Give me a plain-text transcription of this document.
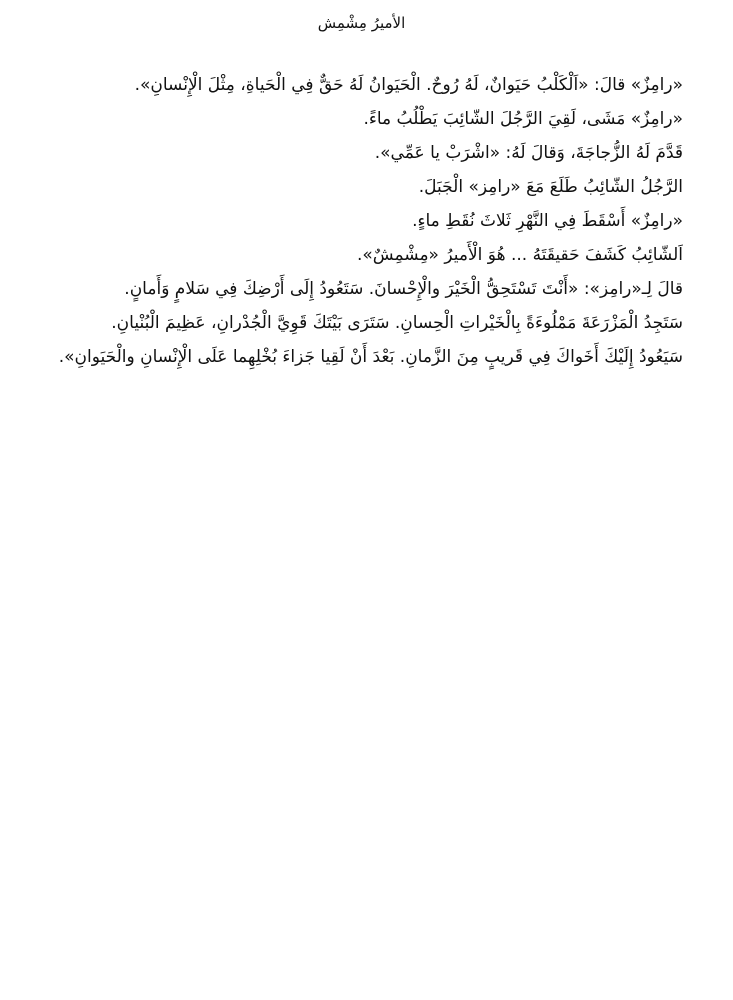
الأميرُ مِشْمِش

«رامِزٌ» قالَ: «اَلْكَلْبُ حَيَوانٌ، لَهُ رُوحٌ. الْحَيَوانُ لَهُ حَقٌّ فِي الْحَياةِ، مِثْلَ الْإِنْسانِ».

«رامِزٌ» مَشَى، لَقِيَ الرَّجُلَ الشّائِبَ يَطْلُبُ ماءً.

قَدَّمَ لَهُ الزُّجاجَةَ، وَقالَ لَهُ: «اشْرَبْ يا عَمِّي».

الرَّجُلُ الشّائِبُ طَلَعَ مَعَ «رامِز» الْجَبَلَ.

«رامِزٌ» أَسْقَطَ فِي النَّهْرِ ثَلاثَ نُقَطِ ماءٍ.

اَلشّائِبُ كَشَفَ حَقيقَتَهُ ... هُوَ الْأَميرُ «مِشْمِشٌ».

قالَ لِـ«رامِز»: «أَنْتَ تَسْتَحِقُّ الْخَيْرَ والْإِحْسانَ. سَتَعُودُ إِلَى أَرْضِكَ فِي سَلامٍ وَأَمانٍ.

سَتَجِدُ الْمَزْرَعَةَ مَمْلُوءَةً بِالْخَيْراتِ الْحِسانِ. سَتَرَى بَيْتَكَ قَوِيَّ الْجُدْرانِ، عَظِيمَ الْبُنْيانِ.

سَيَعُودُ إِلَيْكَ أَخَواكَ فِي قَريبٍ مِنَ الزَّمانِ. بَعْدَ أَنْ لَقِيا جَزاءَ بُخْلِهِما عَلَى الْإِنْسانِ والْحَيَوانِ».
